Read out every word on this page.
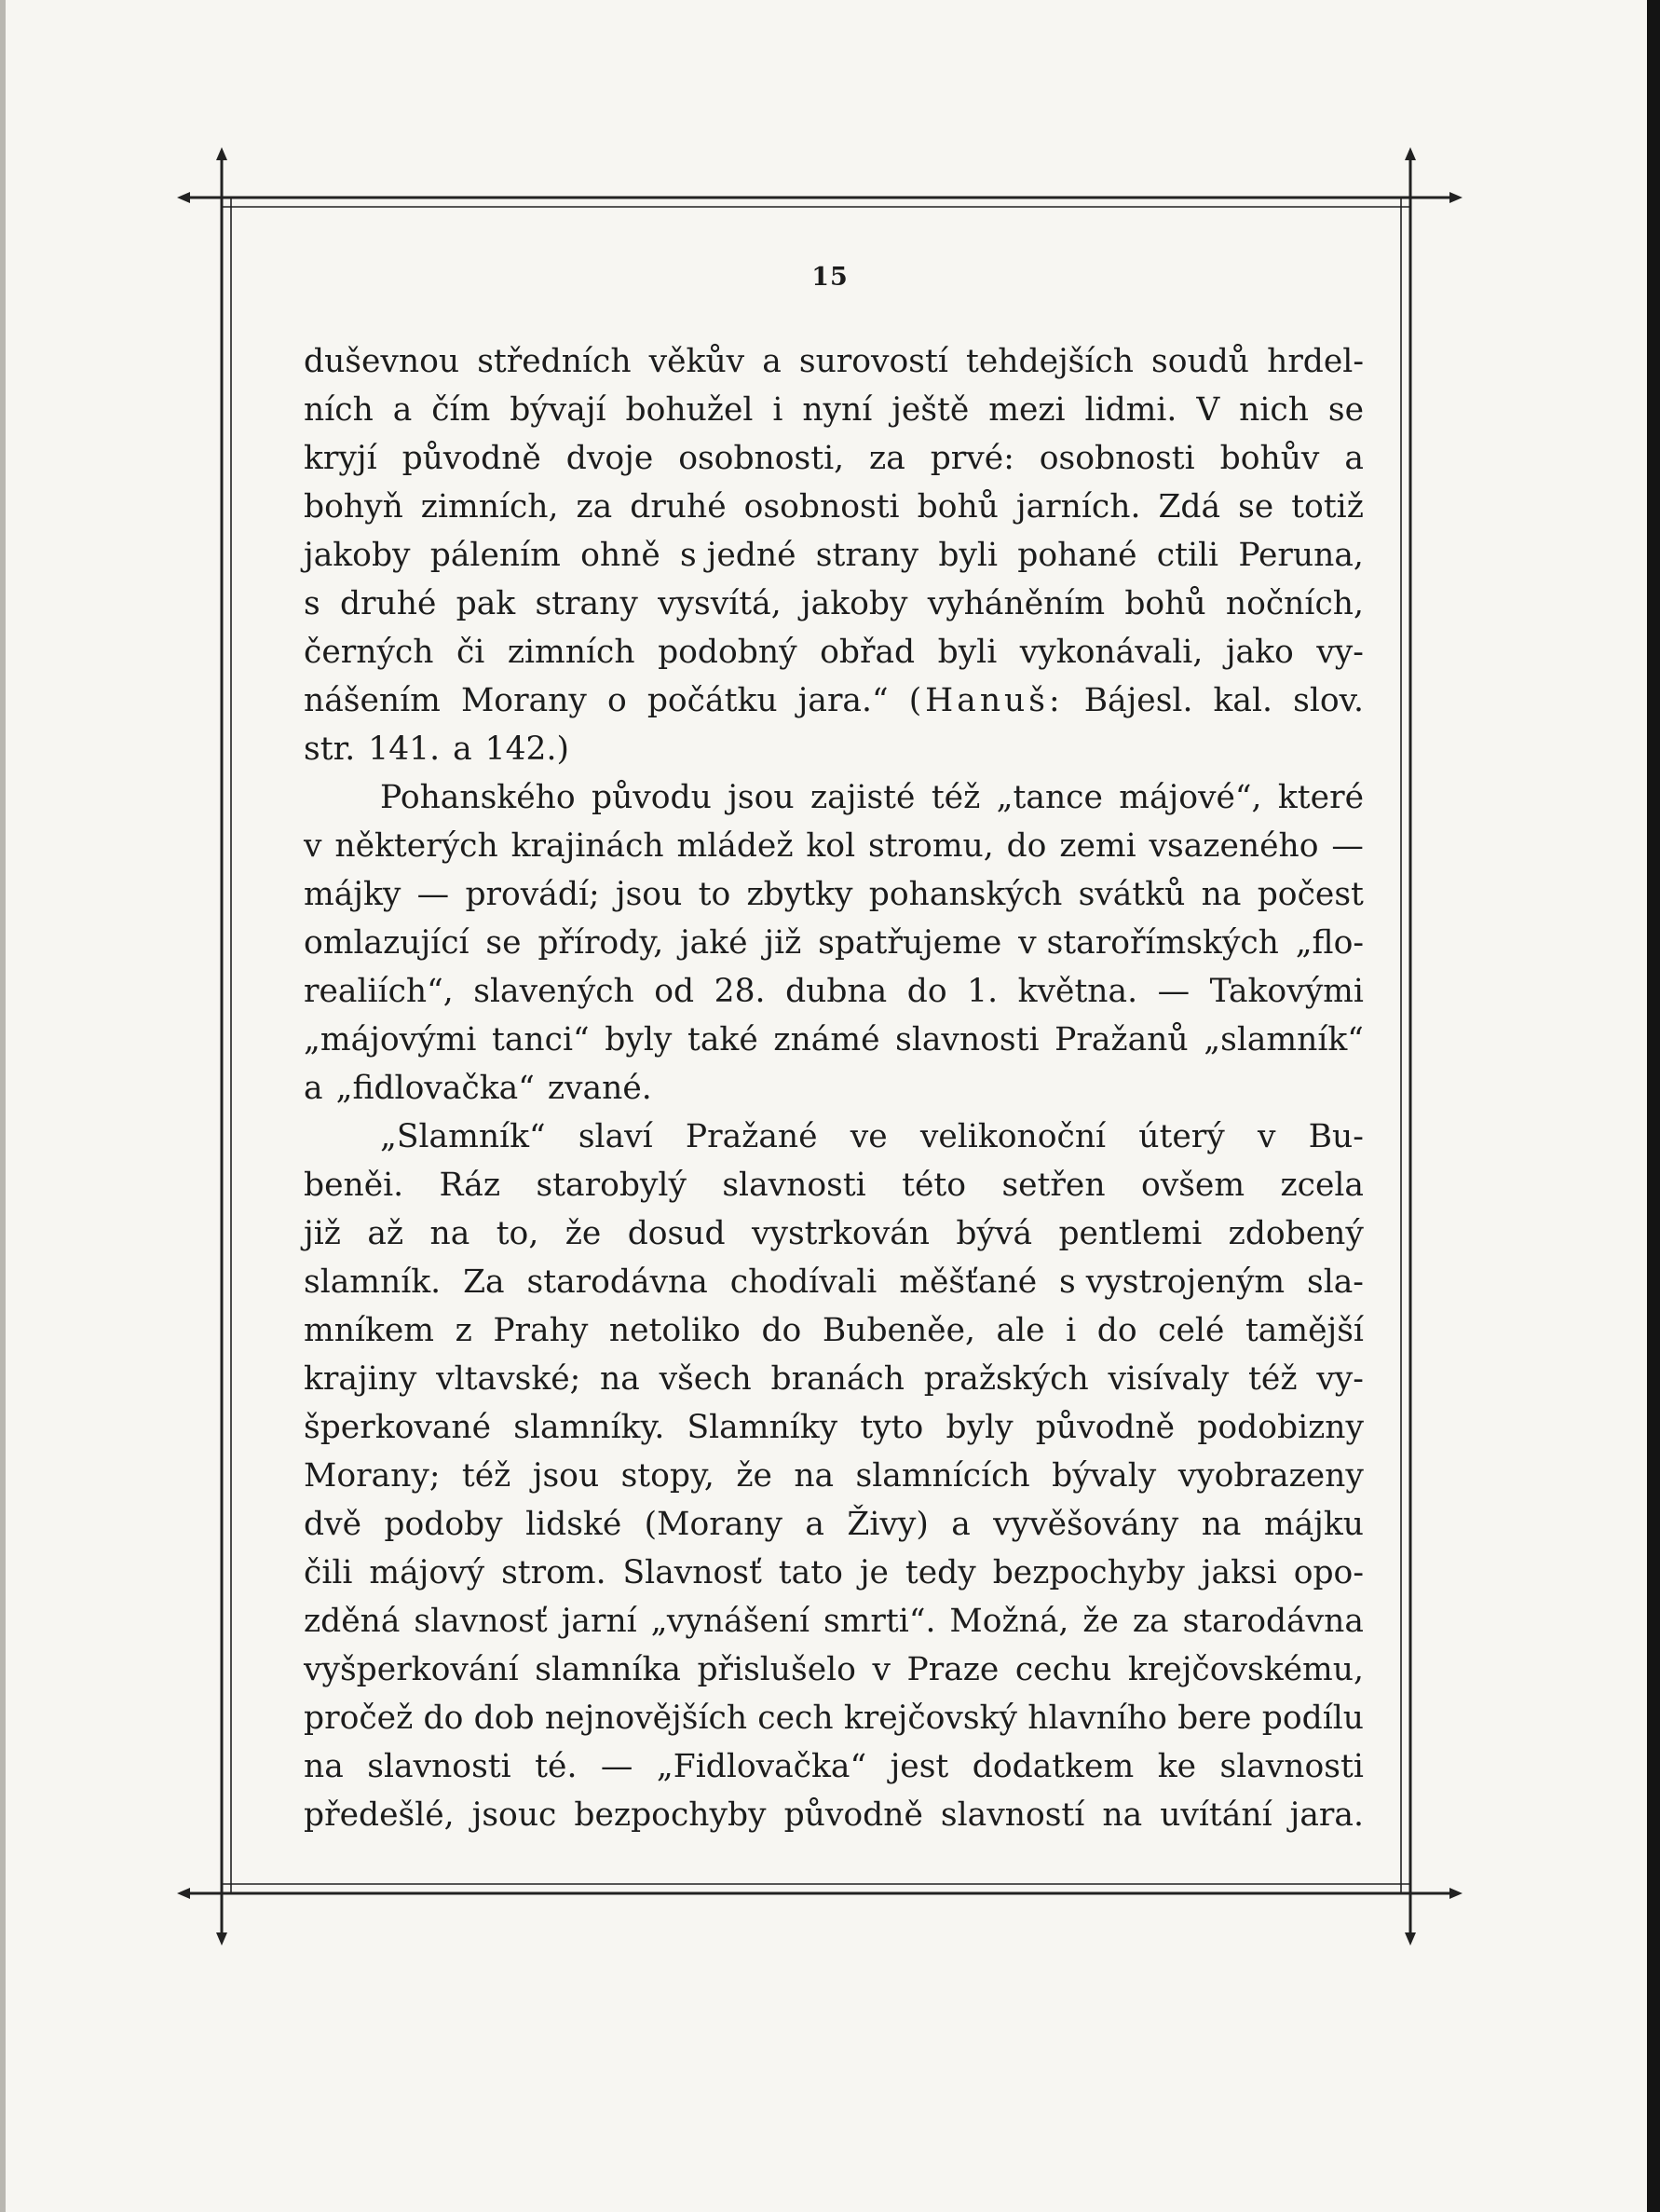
15
duševnou středních věkův a surovostí tehdejších soudů hrdel-
ních a čím bývají bohužel i nyní ještě mezi lidmi. V nich se
kryjí původně dvoje osobnosti, za prvé: osobnosti bohův a
bohyň zimních, za druhé osobnosti bohů jarních. Zdá se totiž
jakoby pálením ohně s jedné strany byli pohané ctili Peruna,
s druhé pak strany vysvítá, jakoby vyháněním bohů nočních,
černých či zimních podobný obřad byli vykonávali, jako vy-
nášením Morany o počátku jara.“ (Hanuš: Bájesl. kal. slov.
str. 141. a 142.)
Pohanského původu jsou zajisté též „tance májové“, které
v některých krajinách mládež kol stromu, do zemi vsazeného —
májky — provádí; jsou to zbytky pohanských svátků na počest
omlazující se přírody, jaké již spatřujeme v starořímských „flo-
realiích“, slavených od 28. dubna do 1. května. — Takovými
„májovými tanci“ byly také známé slavnosti Pražanů „slamník“
a „fidlovačka“ zvané.
„Slamník“ slaví Pražané ve velikonoční úterý v Bu-
beněi. Ráz starobylý slavnosti této setřen ovšem zcela
již až na to, že dosud vystrkován bývá pentlemi zdobený
slamník. Za starodávna chodívali měšťané s vystrojeným sla-
mníkem z Prahy netoliko do Bubeněe, ale i do celé tamější
krajiny vltavské; na všech branách pražských visívaly též vy-
šperkované slamníky. Slamníky tyto byly původně podobizny
Morany; též jsou stopy, že na slamnících bývaly vyobrazeny
dvě podoby lidské (Morany a Živy) a vyvěšovány na májku
čili májový strom. Slavnosť tato je tedy bezpochyby jaksi opo-
zděná slavnosť jarní „vynášení smrti“. Možná, že za starodávna
vyšperkování slamníka přislušelo v Praze cechu krejčovskému,
pročež do dob nejnovějších cech krejčovský hlavního bere podílu
na slavnosti té. — „Fidlovačka“ jest dodatkem ke slavnosti
předešlé, jsouc bezpochyby původně slavností na uvítání jara.
